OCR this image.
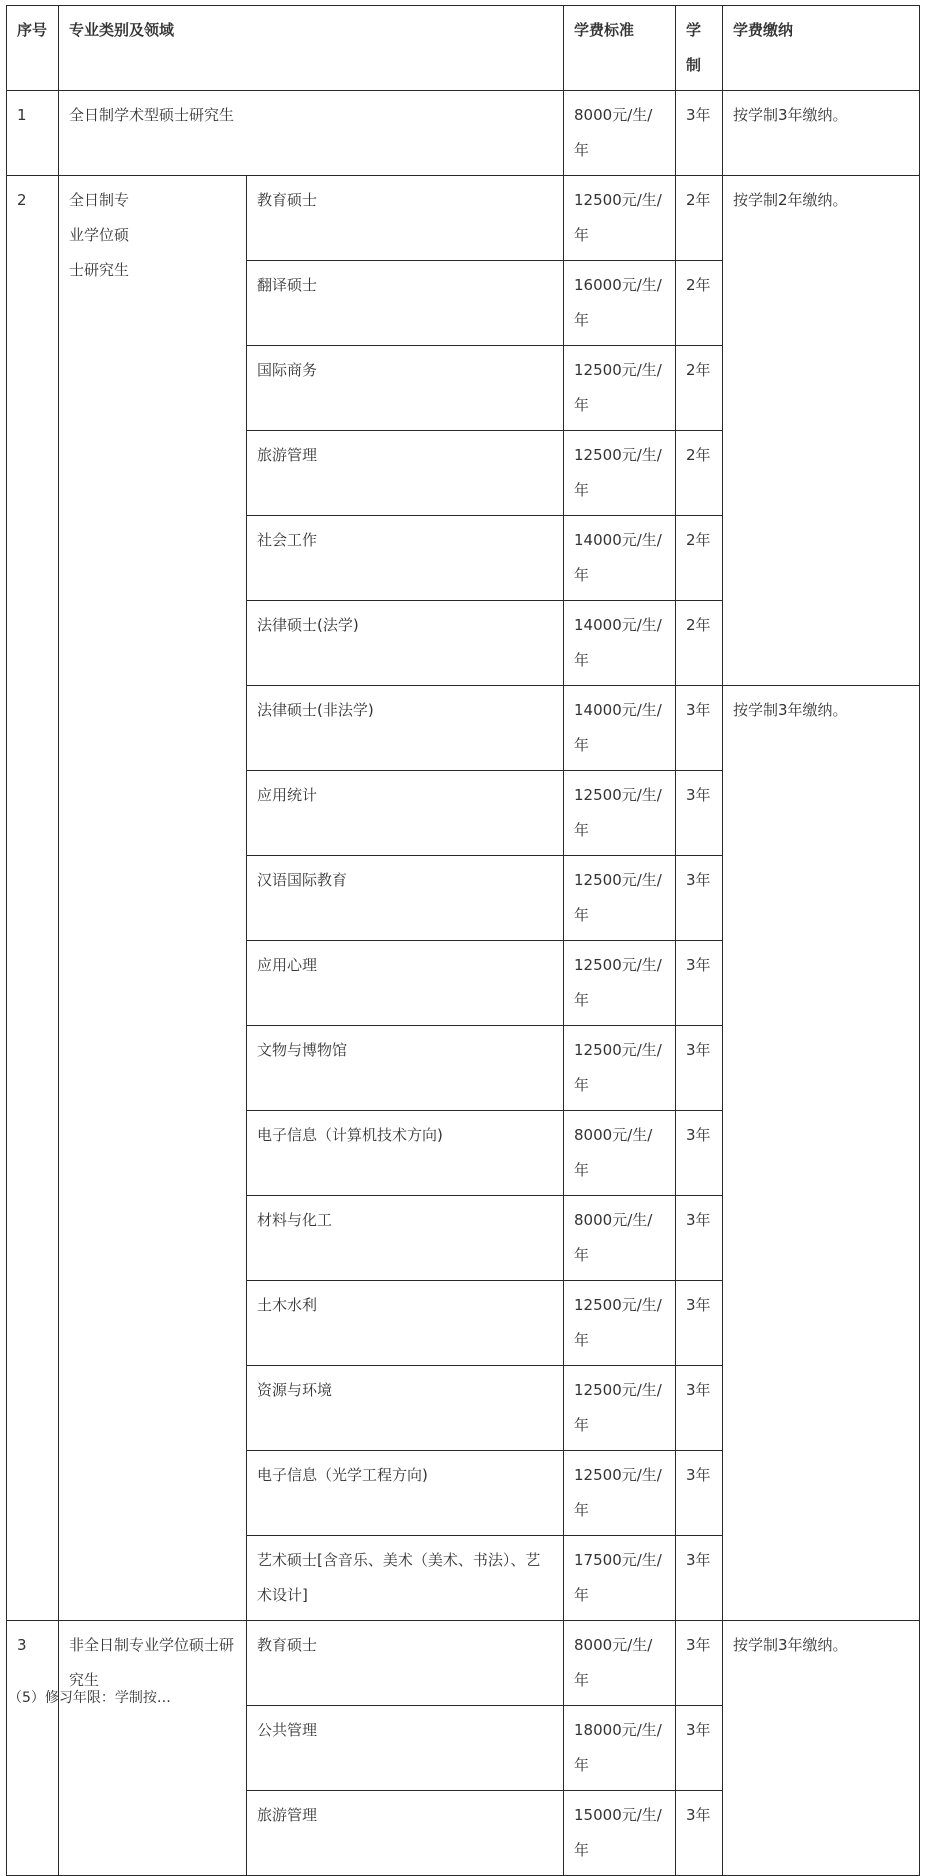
序号	专业类别及领域		学费标准	学制	学费缴纳
1	全日制学术型硕士研究生		8000元/生/年	3年	按学制3年缴纳。
2	全日制专业学位硕士研究生	教育硕士	12500元/生/年	2年	按学制2年缴纳。
		翻译硕士	16000元/生/年	2年	
		国际商务	12500元/生/年	2年	
		旅游管理	12500元/生/年	2年	
		社会工作	14000元/生/年	2年	
		法律硕士(法学)	14000元/生/年	2年	
		法律硕士(非法学)	14000元/生/年	3年	按学制3年缴纳。
		应用统计	12500元/生/年	3年	
		汉语国际教育	12500元/生/年	3年	
		应用心理	12500元/生/年	3年	
		文物与博物馆	12500元/生/年	3年	
		电子信息（计算机技术方向)	8000元/生/年	3年	
		材料与化工	8000元/生/年	3年	
		土木水利	12500元/生/年	3年	
		资源与环境	12500元/生/年	3年	
		电子信息（光学工程方向)	12500元/生/年	3年	
		艺术硕士[含音乐、美术（美术、书法）、艺术设计]	17500元/生/年	3年	
3	非全日制专业学位硕士研究生	教育硕士	8000元/生/年	3年	按学制3年缴纳。
		公共管理	18000元/生/年	3年	
		旅游管理	15000元/生/年	3年	
（5）修习年限：学制按…
